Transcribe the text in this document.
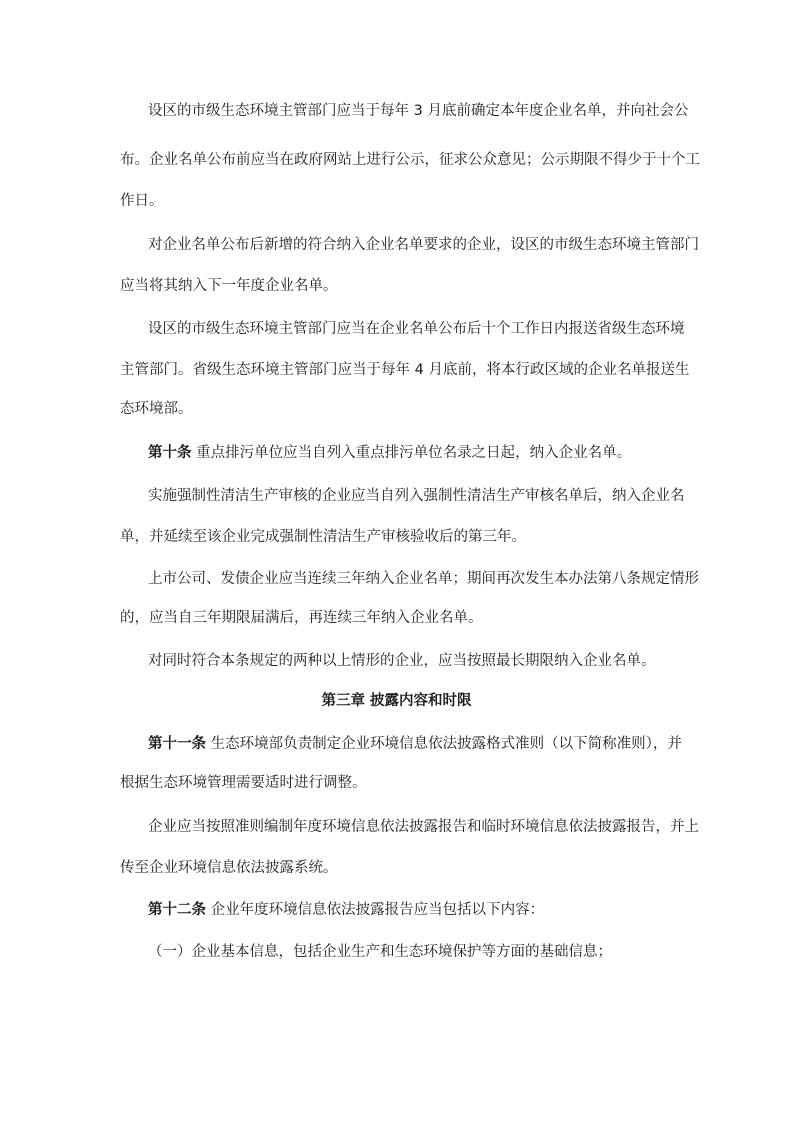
设区的市级生态环境主管部门应当于每年 3 月底前确定本年度企业名单，并向社会公

布。企业名单公布前应当在政府网站上进行公示，征求公众意见；公示期限不得少于十个工

作日。

对企业名单公布后新增的符合纳入企业名单要求的企业，设区的市级生态环境主管部门

应当将其纳入下一年度企业名单。

设区的市级生态环境主管部门应当在企业名单公布后十个工作日内报送省级生态环境

主管部门。省级生态环境主管部门应当于每年 4 月底前，将本行政区域的企业名单报送生

态环境部。

第十条 重点排污单位应当自列入重点排污单位名录之日起，纳入企业名单。

实施强制性清洁生产审核的企业应当自列入强制性清洁生产审核名单后，纳入企业名

单，并延续至该企业完成强制性清洁生产审核验收后的第三年。

上市公司、发债企业应当连续三年纳入企业名单；期间再次发生本办法第八条规定情形

的，应当自三年期限届满后，再连续三年纳入企业名单。

对同时符合本条规定的两种以上情形的企业，应当按照最长期限纳入企业名单。

第三章 披露内容和时限

第十一条 生态环境部负责制定企业环境信息依法披露格式准则（以下简称准则），并

根据生态环境管理需要适时进行调整。

企业应当按照准则编制年度环境信息依法披露报告和临时环境信息依法披露报告，并上

传至企业环境信息依法披露系统。

第十二条 企业年度环境信息依法披露报告应当包括以下内容：

（一）企业基本信息，包括企业生产和生态环境保护等方面的基础信息；
